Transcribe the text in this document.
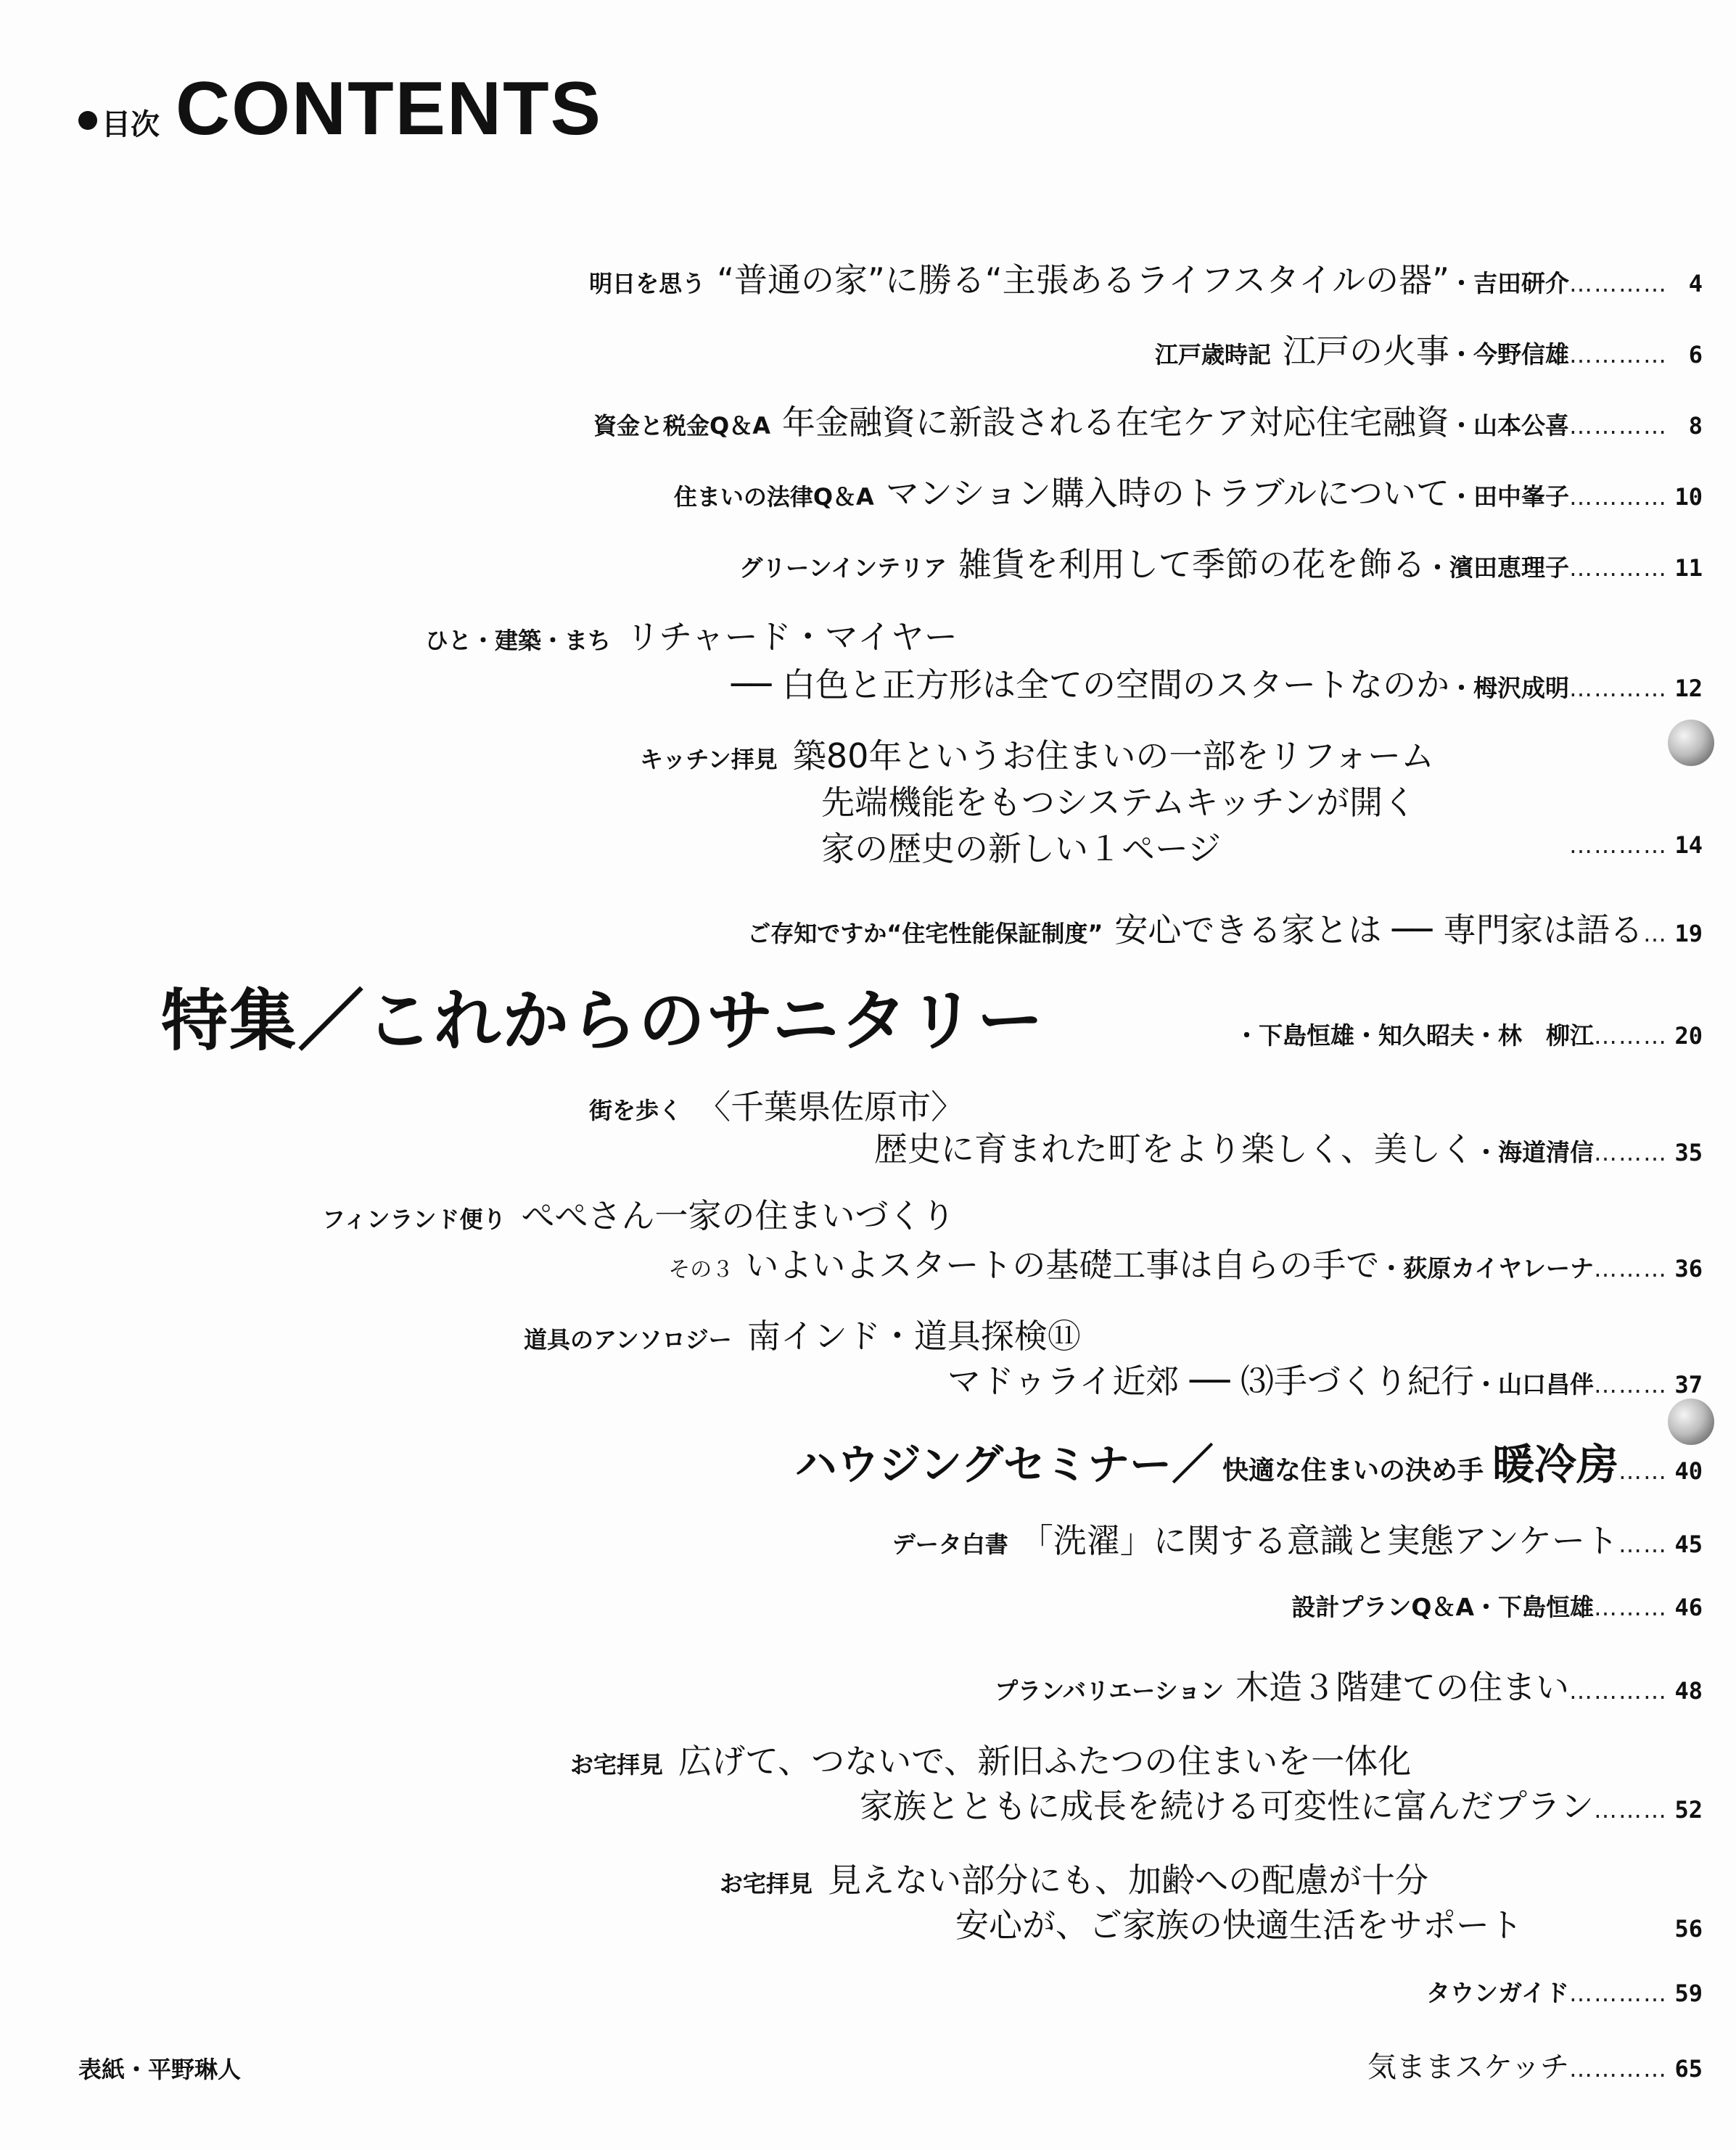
目次 CONTENTS
明日を思う “普通の家”に勝る“主張あるライフスタイルの器” ・吉田研介 ………… 4
江戸歳時記 江戸の火事 ・今野信雄 ………… 6
資金と税金Q＆A 年金融資に新設される在宅ケア対応住宅融資 ・山本公喜 ………… 8
住まいの法律Q＆A マンション購入時のトラブルについて ・田中峯子 ………… 10
グリーンインテリア 雑貨を利用して季節の花を飾る ・濱田恵理子 ………… 11
ひと・建築・まち リチャード・マイヤー
── 白色と正方形は全ての空間のスタートなのか ・栂沢成明 ………… 12
キッチン拝見 築80年というお住まいの一部をリフォーム
先端機能をもつシステムキッチンが開く
家の歴史の新しい１ページ	………… 14
ご存知ですか“住宅性能保証制度” 安心できる家とは ── 専門家は語る … 19
特集／これからのサニタリー	・下島恒雄・知久昭夫・林　柳江 ……… 20
街を歩く 〈千葉県佐原市〉
歴史に育まれた町をより楽しく、美しく ・海道清信 ……… 35
フィンランド便り ぺぺさん一家の住まいづくり
その３ いよいよスタートの基礎工事は自らの手で ・荻原カイヤレーナ ……… 36
道具のアンソロジー 南インド・道具探検⑪
マドゥライ近郊 ── ⑶手づくり紀行 ・山口昌伴 ……… 37
ハウジングセミナー／ 快適な住まいの決め手 暖冷房 …… 40
データ白書 「洗濯」に関する意識と実態アンケート …… 45
設計プランQ＆A・下島恒雄 ……… 46
プランバリエーション 木造３階建ての住まい ………… 48
お宅拝見 広げて、つないで、新旧ふたつの住まいを一体化
家族とともに成長を続ける可変性に富んだプラン ……… 52
お宅拝見 見えない部分にも、加齢への配慮が十分
安心が、ご家族の快適生活をサポート	56
タウンガイド ………… 59
気ままスケッチ ………… 65
表紙・平野琳人
